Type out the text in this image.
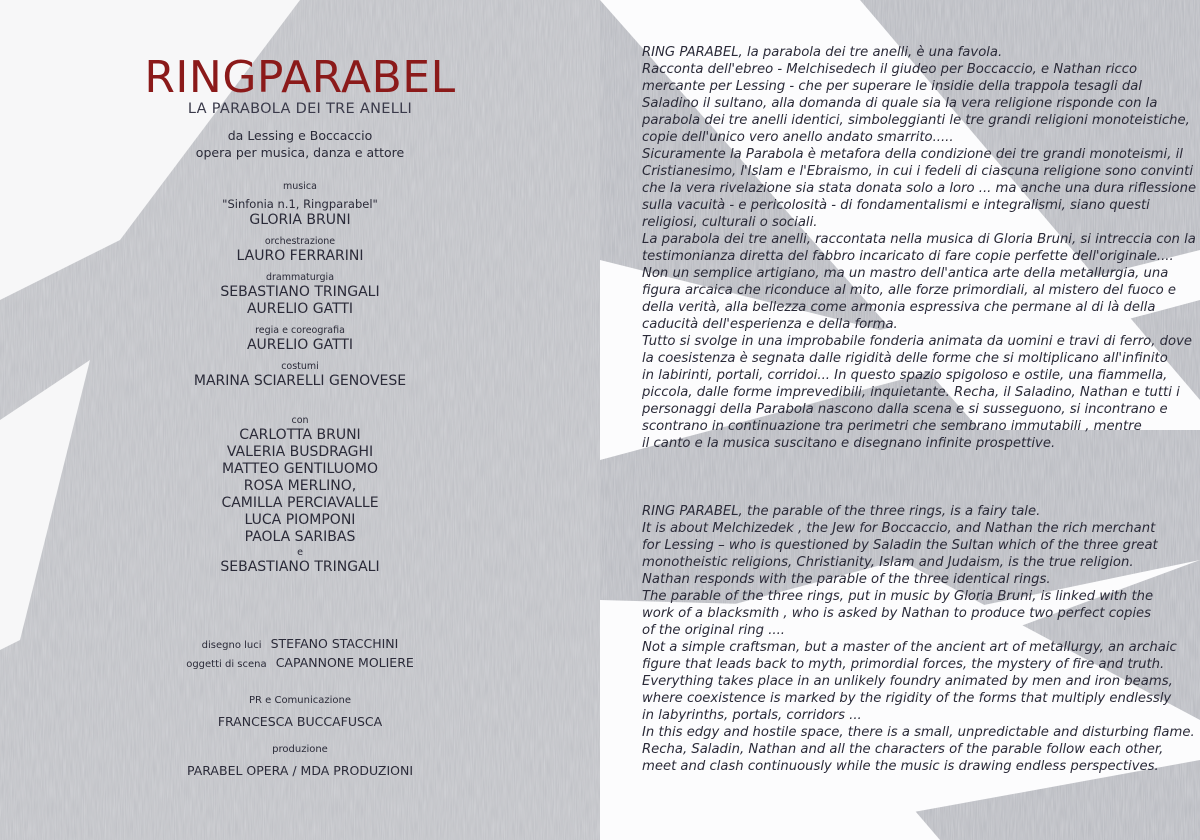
RINGPARABEL
LA PARABOLA DEI TRE ANELLI
da Lessing e Boccaccio
opera per musica, danza e attore
musica
"Sinfonia n.1, Ringparabel"
GLORIA BRUNI
orchestrazione
LAURO FERRARINI
drammaturgia
SEBASTIANO TRINGALI
AURELIO GATTI
regia e coreografia
AURELIO GATTI
costumi
MARINA SCIARELLI GENOVESE
con
CARLOTTA BRUNI
VALERIA BUSDRAGHI
MATTEO GENTILUOMO
ROSA MERLINO,
CAMILLA PERCIAVALLE
LUCA PIOMPONI
PAOLA SARIBAS
e
SEBASTIANO TRINGALI
disegno luci STEFANO STACCHINI
oggetti di scena CAPANNONE MOLIERE
PR e Comunicazione
FRANCESCA BUCCAFUSCA
produzione
PARABEL OPERA / MDA PRODUZIONI

RING PARABEL, la parabola dei tre anelli, è una favola.

Racconta dell'ebreo - Melchisedech il giudeo per Boccaccio, e Nathan ricco

mercante per Lessing - che per superare le insidie della trappola tesagli dal

Saladino il sultano, alla domanda di quale sia la vera religione risponde con la

parabola dei tre anelli identici, simboleggianti le tre grandi religioni monoteistiche,

copie dell'unico vero anello andato smarrito.....

Sicuramente la Parabola è metafora della condizione dei tre grandi monoteismi, il

Cristianesimo, l'Islam e l'Ebraismo, in cui i fedeli di ciascuna religione sono convinti

che la vera rivelazione sia stata donata solo a loro ... ma anche una dura riflessione

sulla vacuità - e pericolosità - di fondamentalismi e integralismi, siano questi

religiosi, culturali o sociali.

La parabola dei tre anelli, raccontata nella musica di Gloria Bruni, si intreccia con la

testimonianza diretta del fabbro incaricato di fare copie perfette dell'originale....

Non un semplice artigiano, ma un mastro dell'antica arte della metallurgia, una

figura arcaica che riconduce al mito, alle forze primordiali, al mistero del fuoco e

della verità, alla bellezza come armonia espressiva che permane al di là della

caducità dell'esperienza e della forma.

Tutto si svolge in una improbabile fonderia animata da uomini e travi di ferro, dove

la coesistenza è segnata dalle rigidità delle forme che si moltiplicano all'infinito

in labirinti, portali, corridoi... In questo spazio spigoloso e ostile, una fiammella,

piccola, dalle forme imprevedibili, inquietante. Recha, il Saladino, Nathan e tutti i

personaggi della Parabola nascono dalla scena e si susseguono, si incontrano e

scontrano in continuazione tra perimetri che sembrano immutabili , mentre

il canto e la musica suscitano e disegnano infinite prospettive.

RING PARABEL, the parable of the three rings, is a fairy tale.

It is about Melchizedek , the Jew for Boccaccio, and Nathan the rich merchant

for Lessing – who is questioned by Saladin the Sultan which of the three great

monotheistic religions, Christianity, Islam and Judaism, is the true religion.

Nathan responds with the parable of the three identical rings.

The parable of the three rings, put in music by Gloria Bruni, is linked with the

work of a blacksmith , who is asked by Nathan to produce two perfect copies

of the original ring ....

Not a simple craftsman, but a master of the ancient art of metallurgy, an archaic

figure that leads back to myth, primordial forces, the mystery of fire and truth.

Everything takes place in an unlikely foundry animated by men and iron beams,

where coexistence is marked by the rigidity of the forms that multiply endlessly

in labyrinths, portals, corridors ...

In this edgy and hostile space, there is a small, unpredictable and disturbing flame.

Recha, Saladin, Nathan and all the characters of the parable follow each other,

meet and clash continuously while the music is drawing endless perspectives.
